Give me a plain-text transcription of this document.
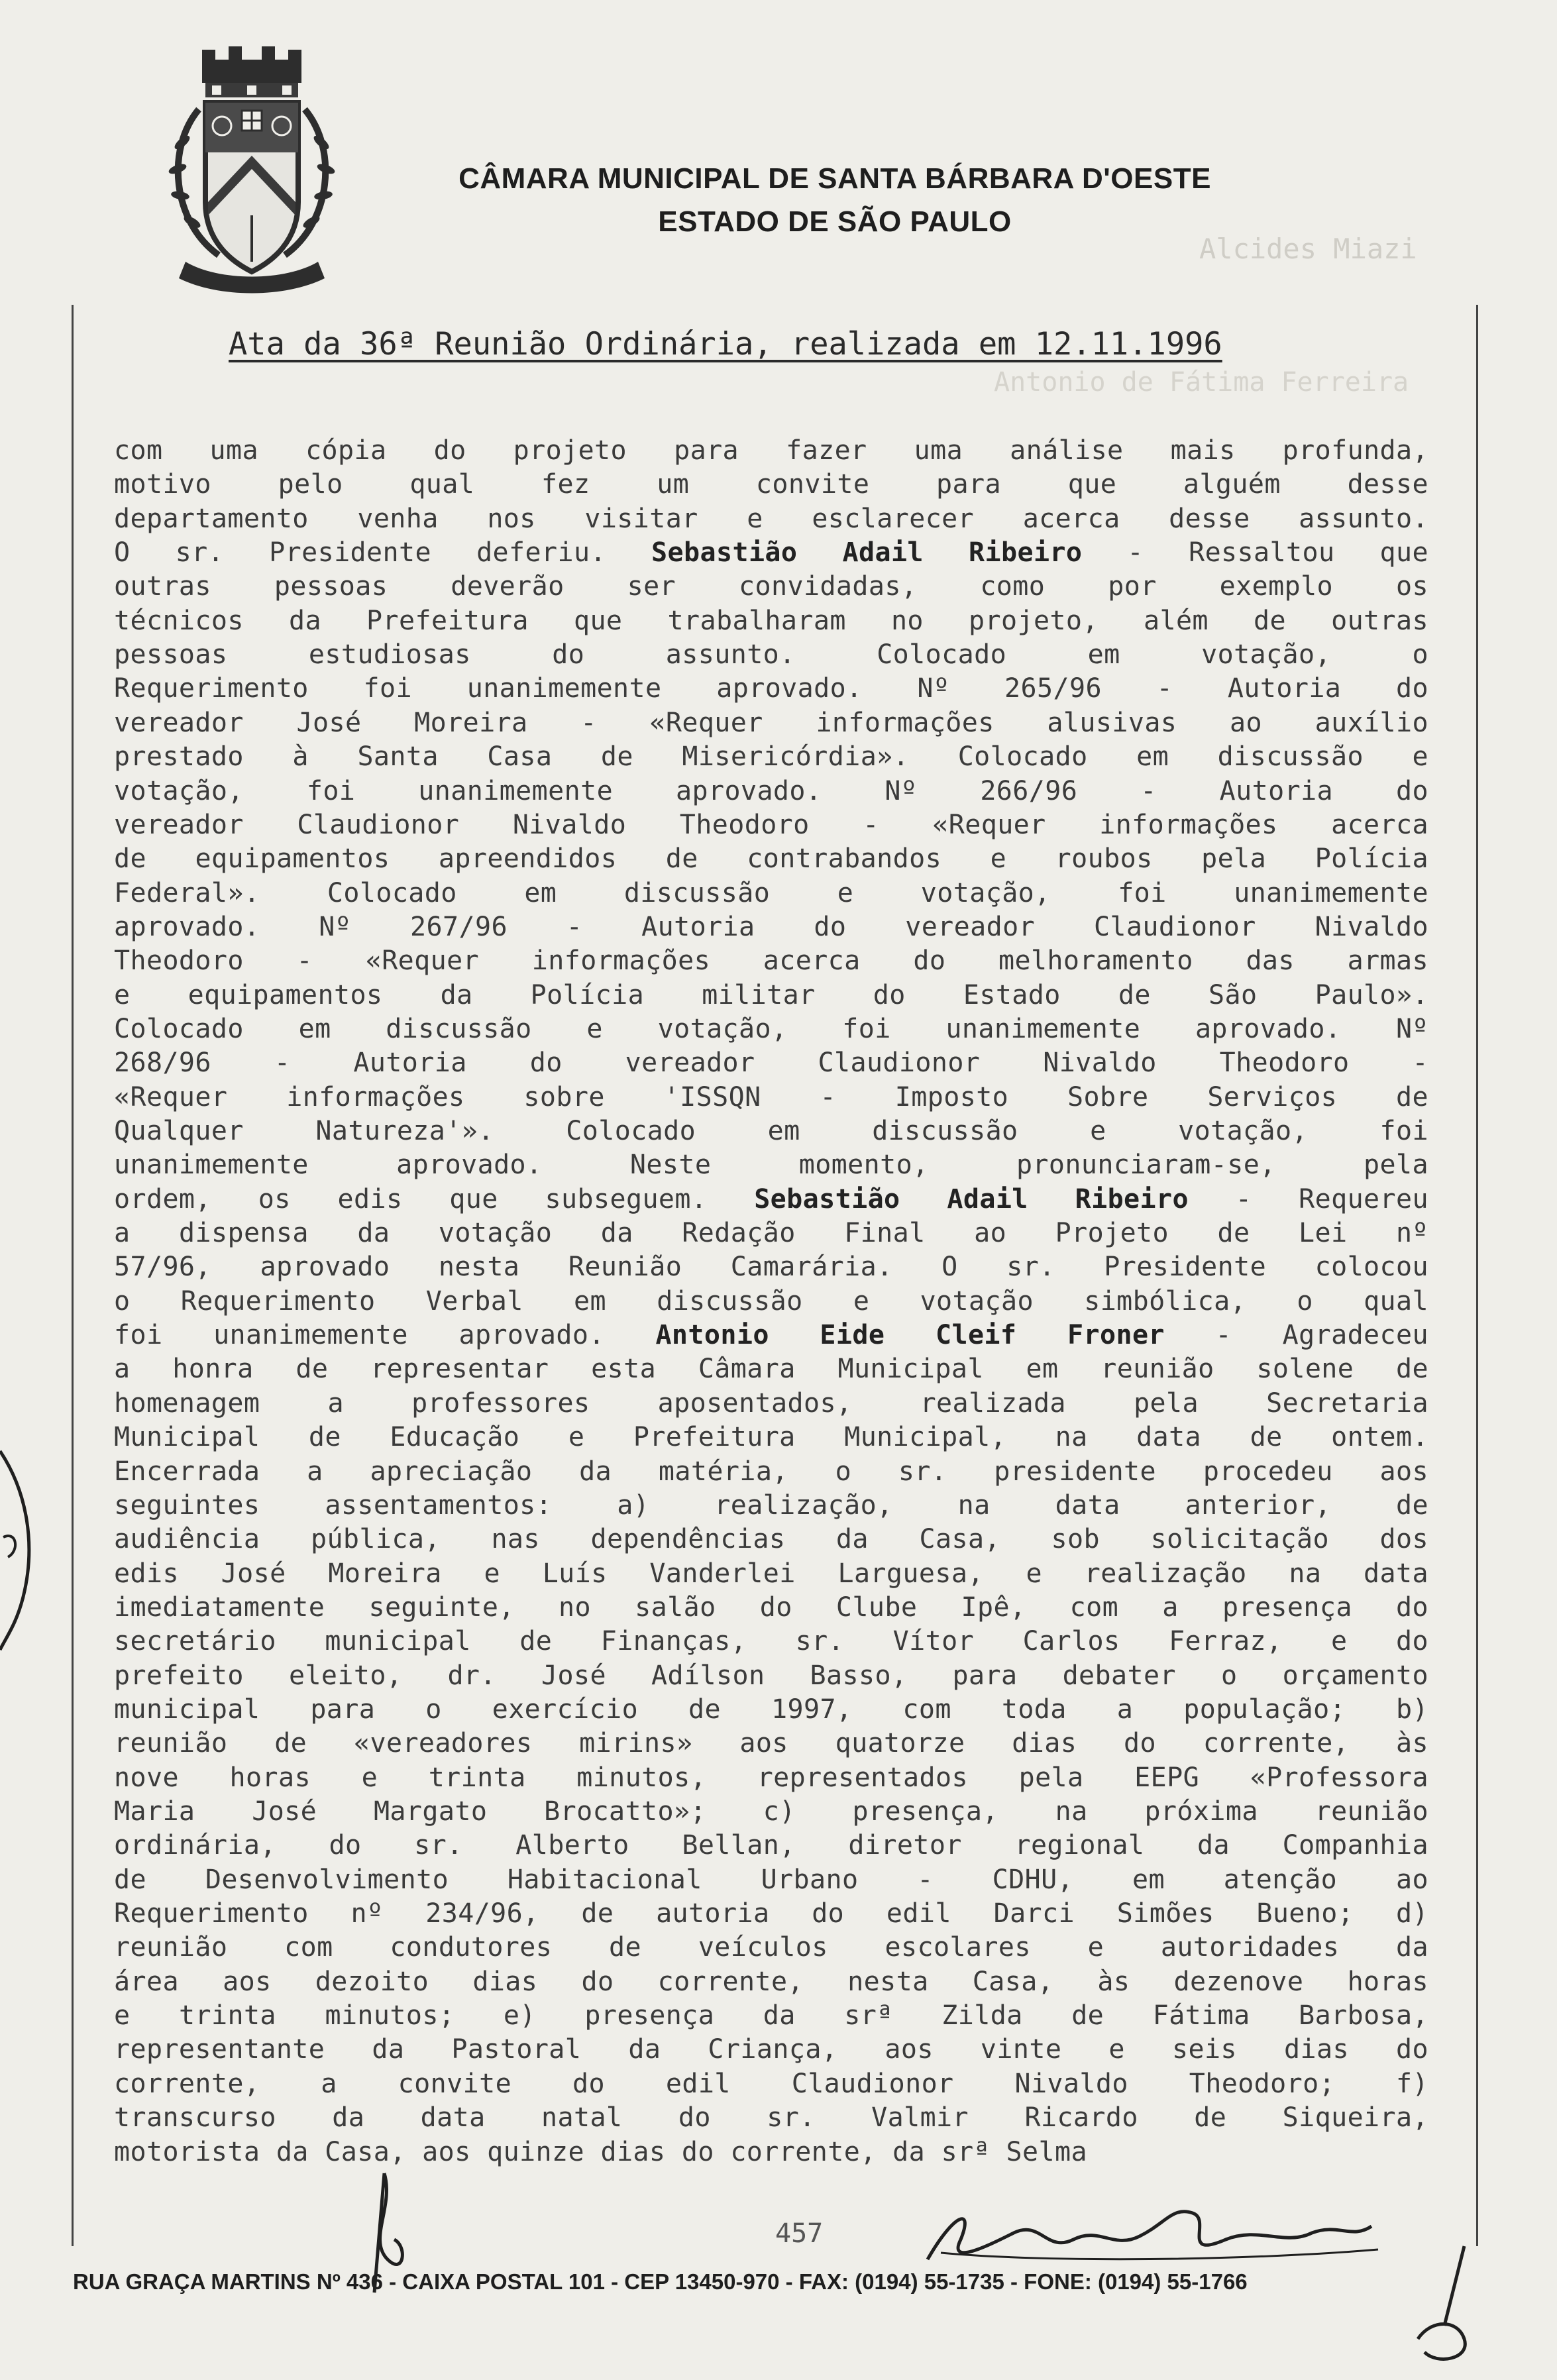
Alcides Miazi
Antonio de Fátima Ferreira
CÂMARA MUNICIPAL DE SANTA BÁRBARA D'OESTE
ESTADO DE SÃO PAULO
Ata da 36ª Reunião Ordinária, realizada em 12.11.1996
com uma cópia do projeto para fazer uma análise mais profunda,
motivo pelo qual fez um convite para que alguém desse
departamento venha nos visitar e esclarecer acerca desse assunto.
O sr. Presidente deferiu. Sebastião Adail Ribeiro - Ressaltou que
outras pessoas deverão ser convidadas, como por exemplo os
técnicos da Prefeitura que trabalharam no projeto, além de outras
pessoas estudiosas do assunto. Colocado em votação, o
Requerimento foi unanimemente aprovado. Nº 265/96 - Autoria do
vereador José Moreira - «Requer informações alusivas ao auxílio
prestado à Santa Casa de Misericórdia». Colocado em discussão e
votação, foi unanimemente aprovado. Nº 266/96 - Autoria do
vereador Claudionor Nivaldo Theodoro - «Requer informações acerca
de equipamentos apreendidos de contrabandos e roubos pela Polícia
Federal». Colocado em discussão e votação, foi unanimemente
aprovado. Nº 267/96 - Autoria do vereador Claudionor Nivaldo
Theodoro - «Requer informações acerca do melhoramento das armas
e equipamentos da Polícia militar do Estado de São Paulo».
Colocado em discussão e votação, foi unanimemente aprovado. Nº
268/96 - Autoria do vereador Claudionor Nivaldo Theodoro -
«Requer informações sobre 'ISSQN - Imposto Sobre Serviços de
Qualquer Natureza'». Colocado em discussão e votação, foi
unanimemente aprovado. Neste momento, pronunciaram-se, pela
ordem, os edis que subseguem. Sebastião Adail Ribeiro - Requereu
a dispensa da votação da Redação Final ao Projeto de Lei nº
57/96, aprovado nesta Reunião Camarária. O sr. Presidente colocou
o Requerimento Verbal em discussão e votação simbólica, o qual
foi unanimemente aprovado. Antonio Eide Cleif Froner - Agradeceu
a honra de representar esta Câmara Municipal em reunião solene de
homenagem a professores aposentados, realizada pela Secretaria
Municipal de Educação e Prefeitura Municipal, na data de ontem.
Encerrada a apreciação da matéria, o sr. presidente procedeu aos
seguintes assentamentos: a) realização, na data anterior, de
audiência pública, nas dependências da Casa, sob solicitação dos
edis José Moreira e Luís Vanderlei Larguesa, e realização na data
imediatamente seguinte, no salão do Clube Ipê, com a presença do
secretário municipal de Finanças, sr. Vítor Carlos Ferraz, e do
prefeito eleito, dr. José Adílson Basso, para debater o orçamento
municipal para o exercício de 1997, com toda a população; b)
reunião de «vereadores mirins» aos quatorze dias do corrente, às
nove horas e trinta minutos, representados pela EEPG «Professora
Maria José Margato Brocatto»; c) presença, na próxima reunião
ordinária, do sr. Alberto Bellan, diretor regional da Companhia
de Desenvolvimento Habitacional Urbano - CDHU, em atenção ao
Requerimento nº 234/96, de autoria do edil Darci Simões Bueno; d)
reunião com condutores de veículos escolares e autoridades da
área aos dezoito dias do corrente, nesta Casa, às dezenove horas
e trinta minutos; e) presença da srª Zilda de Fátima Barbosa,
representante da Pastoral da Criança, aos vinte e seis dias do
corrente, a convite do edil Claudionor Nivaldo Theodoro; f)
transcurso da data natal do sr. Valmir Ricardo de Siqueira,
motorista da Casa, aos quinze dias do corrente, da srª Selma
457
RUA GRAÇA MARTINS Nº 436 - CAIXA POSTAL 101 - CEP 13450-970 - FAX: (0194) 55-1735 - FONE: (0194) 55-1766
